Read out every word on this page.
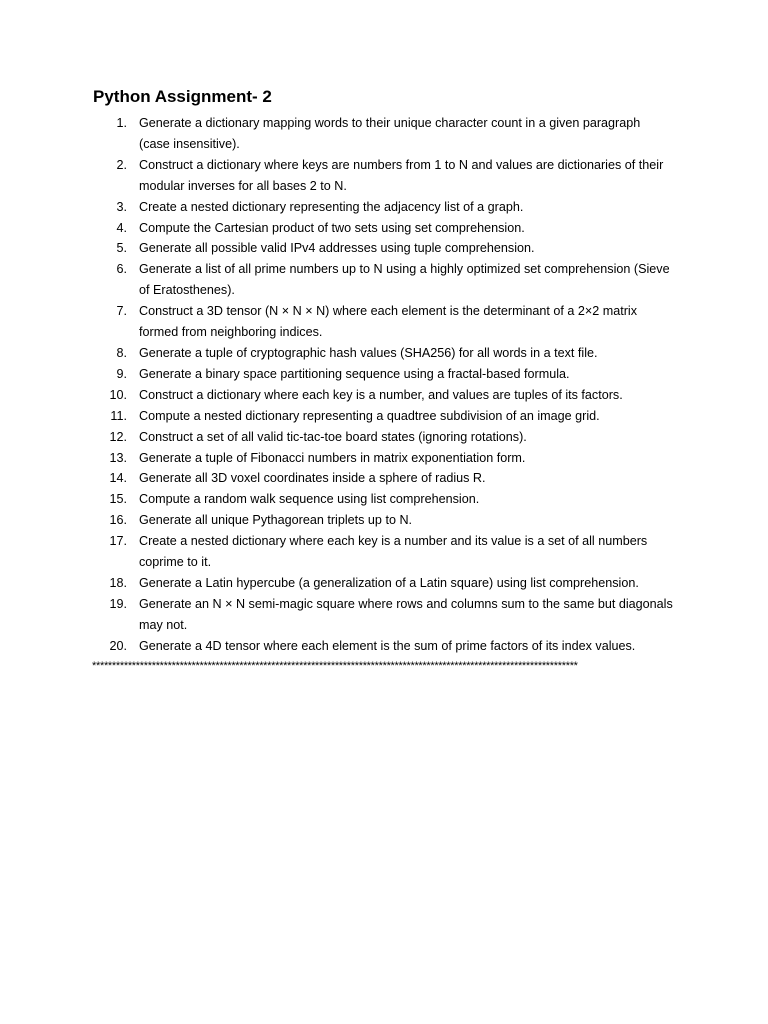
Python Assignment- 2
1. Generate a dictionary mapping words to their unique character count in a given paragraph (case insensitive).
2. Construct a dictionary where keys are numbers from 1 to N and values are dictionaries of their modular inverses for all bases 2 to N.
3. Create a nested dictionary representing the adjacency list of a graph.
4. Compute the Cartesian product of two sets using set comprehension.
5. Generate all possible valid IPv4 addresses using tuple comprehension.
6. Generate a list of all prime numbers up to N using a highly optimized set comprehension (Sieve of Eratosthenes).
7. Construct a 3D tensor (N × N × N) where each element is the determinant of a 2×2 matrix formed from neighboring indices.
8. Generate a tuple of cryptographic hash values (SHA256) for all words in a text file.
9. Generate a binary space partitioning sequence using a fractal-based formula.
10. Construct a dictionary where each key is a number, and values are tuples of its factors.
11. Compute a nested dictionary representing a quadtree subdivision of an image grid.
12. Construct a set of all valid tic-tac-toe board states (ignoring rotations).
13. Generate a tuple of Fibonacci numbers in matrix exponentiation form.
14. Generate all 3D voxel coordinates inside a sphere of radius R.
15. Compute a random walk sequence using list comprehension.
16. Generate all unique Pythagorean triplets up to N.
17. Create a nested dictionary where each key is a number and its value is a set of all numbers coprime to it.
18. Generate a Latin hypercube (a generalization of a Latin square) using list comprehension.
19. Generate an N × N semi-magic square where rows and columns sum to the same but diagonals may not.
20. Generate a 4D tensor where each element is the sum of prime factors of its index values.
**************************************************************************************************************************
